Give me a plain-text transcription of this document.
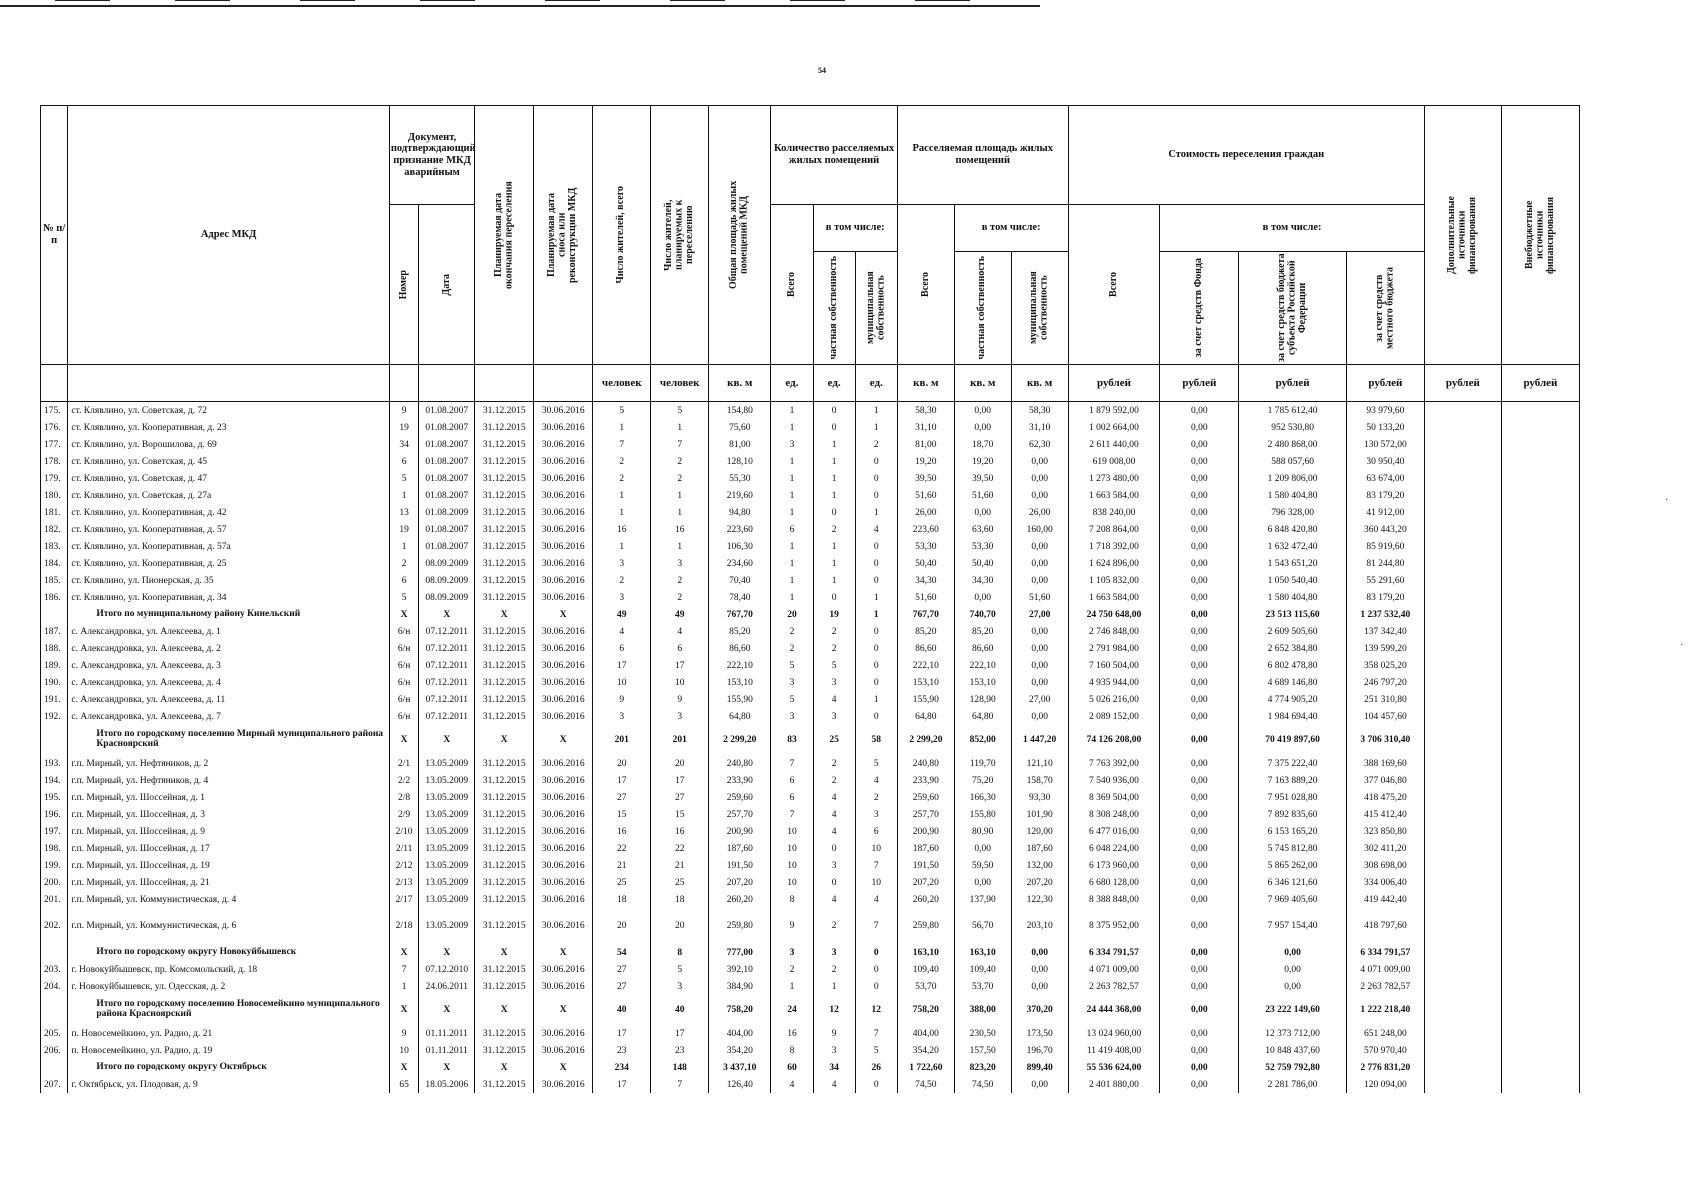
54
№ п/п	Адрес МКД	Документ, подтверждающий признание МКД аварийным		Планируемая дата окончания переселения	Планируемая дата сноса или реконструкции МКД	Число жителей, всего	Число жителей, планируемых к переселению	Общая площадь жилых помещений МКД	Количество расселяемых жилых помещений			Расселяемая площадь жилых помещений			Стоимость переселения граждан				Дополнительные источники финансирования	Внебюджетные источники финансирования

		Номер	Дата						Всего	в том числе:		Всего	в том числе:		Всего	в том числе:				

										частная собственность	муниципальная собственность		частная собственность	муниципальная собственность		за счет средств Фонда	за счет средств бюджета субъекта Российской Федерации	за счет средств местного бюджета		

						человек	человек	кв. м	ед.	ед.	ед.	кв. м	кв. м	кв. м	рублей	рублей	рублей	рублей	рублей	рублей
175.	ст. Клявлино, ул. Советская, д. 72	9	01.08.2007	31.12.2015	30.06.2016	5	5	154,80	1	0	1	58,30	0,00	58,30	1 879 592,00	0,00	1 785 612,40	93 979,60		
176.	ст. Клявлино, ул. Кооперативная, д. 23	19	01.08.2007	31.12.2015	30.06.2016	1	1	75,60	1	0	1	31,10	0,00	31,10	1 002 664,00	0,00	952 530,80	50 133,20		
177.	ст. Клявлино, ул. Ворошилова, д. 69	34	01.08.2007	31.12.2015	30.06.2016	7	7	81,00	3	1	2	81,00	18,70	62,30	2 611 440,00	0,00	2 480 868,00	130 572,00		
178.	ст. Клявлино, ул. Советская, д. 45	6	01.08.2007	31.12.2015	30.06.2016	2	2	128,10	1	1	0	19,20	19,20	0,00	619 008,00	0,00	588 057,60	30 950,40		
179.	ст. Клявлино, ул. Советская, д. 47	5	01.08.2007	31.12.2015	30.06.2016	2	2	55,30	1	1	0	39,50	39,50	0,00	1 273 480,00	0,00	1 209 806,00	63 674,00		
180.	ст. Клявлино, ул. Советская, д. 27а	1	01.08.2007	31.12.2015	30.06.2016	1	1	219,60	1	1	0	51,60	51,60	0,00	1 663 584,00	0,00	1 580 404,80	83 179,20		
181.	ст. Клявлино, ул. Кооперативная, д. 42	13	01.08.2009	31.12.2015	30.06.2016	1	1	94,80	1	0	1	26,00	0,00	26,00	838 240,00	0,00	796 328,00	41 912,00		
182.	ст. Клявлино, ул. Кооперативная, д. 57	19	01.08.2007	31.12.2015	30.06.2016	16	16	223,60	6	2	4	223,60	63,60	160,00	7 208 864,00	0,00	6 848 420,80	360 443,20		
183.	ст. Клявлино, ул. Кооперативная, д. 57а	1	01.08.2007	31.12.2015	30.06.2016	1	1	106,30	1	1	0	53,30	53,30	0,00	1 718 392,00	0,00	1 632 472,40	85 919,60		
184.	ст. Клявлино, ул. Кооперативная, д. 25	2	08.09.2009	31.12.2015	30.06.2016	3	3	234,60	1	1	0	50,40	50,40	0,00	1 624 896,00	0,00	1 543 651,20	81 244,80		
185.	ст. Клявлино, ул. Пионерская, д. 35	6	08.09.2009	31.12.2015	30.06.2016	2	2	70,40	1	1	0	34,30	34,30	0,00	1 105 832,00	0,00	1 050 540,40	55 291,60		
186.	ст. Клявлино, ул. Кооперативная, д. 34	5	08.09.2009	31.12.2015	30.06.2016	3	2	78,40	1	0	1	51,60	0,00	51,60	1 663 584,00	0,00	1 580 404,80	83 179,20		
	Итого по муниципальному району Кинельский	X	X	X	X	49	49	767,70	20	19	1	767,70	740,70	27,00	24 750 648,00	0,00	23 513 115,60	1 237 532,40		
187.	с. Александровка, ул. Алексеева, д. 1	6/н	07.12.2011	31.12.2015	30.06.2016	4	4	85,20	2	2	0	85,20	85,20	0,00	2 746 848,00	0,00	2 609 505,60	137 342,40		
188.	с. Александровка, ул. Алексеева, д. 2	6/н	07.12.2011	31.12.2015	30.06.2016	6	6	86,60	2	2	0	86,60	86,60	0,00	2 791 984,00	0,00	2 652 384,80	139 599,20		
189.	с. Александровка, ул. Алексеева, д. 3	6/н	07.12.2011	31.12.2015	30.06.2016	17	17	222,10	5	5	0	222,10	222,10	0,00	7 160 504,00	0,00	6 802 478,80	358 025,20		
190.	с. Александровка, ул. Алексеева, д. 4	6/н	07.12.2011	31.12.2015	30.06.2016	10	10	153,10	3	3	0	153,10	153,10	0,00	4 935 944,00	0,00	4 689 146,80	246 797,20		
191.	с. Александровка, ул. Алексеева, д. 11	6/н	07.12.2011	31.12.2015	30.06.2016	9	9	155,90	5	4	1	155,90	128,90	27,00	5 026 216,00	0,00	4 774 905,20	251 310,80		
192.	с. Александровка, ул. Алексеева, д. 7	6/н	07.12.2011	31.12.2015	30.06.2016	3	3	64,80	3	3	0	64,80	64,80	0,00	2 089 152,00	0,00	1 984 694,40	104 457,60		
	Итого по городскому поселению Мирный муниципального района Красноярский	X	X	X	X	201	201	2 299,20	83	25	58	2 299,20	852,00	1 447,20	74 126 208,00	0,00	70 419 897,60	3 706 310,40		
193.	г.п. Мирный, ул. Нефтяников, д. 2	2/1	13.05.2009	31.12.2015	30.06.2016	20	20	240,80	7	2	5	240,80	119,70	121,10	7 763 392,00	0,00	7 375 222,40	388 169,60		
194.	г.п. Мирный, ул. Нефтяников, д. 4	2/2	13.05.2009	31.12.2015	30.06.2016	17	17	233,90	6	2	4	233,90	75,20	158,70	7 540 936,00	0,00	7 163 889,20	377 046,80		
195.	г.п. Мирный, ул. Шоссейная, д. 1	2/8	13.05.2009	31.12.2015	30.06.2016	27	27	259,60	6	4	2	259,60	166,30	93,30	8 369 504,00	0,00	7 951 028,80	418 475,20		
196.	г.п. Мирный, ул. Шоссейная, д. 3	2/9	13.05.2009	31.12.2015	30.06.2016	15	15	257,70	7	4	3	257,70	155,80	101,90	8 308 248,00	0,00	7 892 835,60	415 412,40		
197.	г.п. Мирный, ул. Шоссейная, д. 9	2/10	13.05.2009	31.12.2015	30.06.2016	16	16	200,90	10	4	6	200,90	80,90	120,00	6 477 016,00	0,00	6 153 165,20	323 850,80		
198.	г.п. Мирный, ул. Шоссейная, д. 17	2/11	13.05.2009	31.12.2015	30.06.2016	22	22	187,60	10	0	10	187,60	0,00	187,60	6 048 224,00	0,00	5 745 812,80	302 411,20		
199.	г.п. Мирный, ул. Шоссейная, д. 19	2/12	13.05.2009	31.12.2015	30.06.2016	21	21	191,50	10	3	7	191,50	59,50	132,00	6 173 960,00	0,00	5 865 262,00	308 698,00		
200.	г.п. Мирный, ул. Шоссейная, д. 21	2/13	13.05.2009	31.12.2015	30.06.2016	25	25	207,20	10	0	10	207,20	0,00	207,20	6 680 128,00	0,00	6 346 121,60	334 006,40		
201.	г.п. Мирный, ул. Коммунистическая, д. 4	2/17	13.05.2009	31.12.2015	30.06.2016	18	18	260,20	8	4	4	260,20	137,90	122,30	8 388 848,00	0,00	7 969 405,60	419 442,40		
202.	г.п. Мирный, ул. Коммунистическая, д. 6	2/18	13.05.2009	31.12.2015	30.06.2016	20	20	259,80	9	2	7	259,80	56,70	203,10	8 375 952,00	0,00	7 957 154,40	418 797,60		
	Итого по городскому округу Новокуйбышевск	X	X	X	X	54	8	777,00	3	3	0	163,10	163,10	0,00	6 334 791,57	0,00	0,00	6 334 791,57		
203.	г. Новокуйбышевск, пр. Комсомольский, д. 18	7	07.12.2010	31.12.2015	30.06.2016	27	5	392,10	2	2	0	109,40	109,40	0,00	4 071 009,00	0,00	0,00	4 071 009,00		
204.	г. Новокуйбышевск, ул. Одесская, д. 2	1	24.06.2011	31.12.2015	30.06.2016	27	3	384,90	1	1	0	53,70	53,70	0,00	2 263 782,57	0,00	0,00	2 263 782,57		
	Итого по городскому поселению Новосемейкино муниципального района Красноярский	X	X	X	X	40	40	758,20	24	12	12	758,20	388,00	370,20	24 444 368,00	0,00	23 222 149,60	1 222 218,40		
205.	п. Новосемейкино, ул. Радио, д. 21	9	01.11.2011	31.12.2015	30.06.2016	17	17	404,00	16	9	7	404,00	230,50	173,50	13 024 960,00	0,00	12 373 712,00	651 248,00		
206.	п. Новосемейкино, ул. Радио, д. 19	10	01.11.2011	31.12.2015	30.06.2016	23	23	354,20	8	3	5	354,20	157,50	196,70	11 419 408,00	0,00	10 848 437,60	570 970,40		
	Итого по городскому округу Октябрьск	X	X	X	X	234	148	3 437,10	60	34	26	1 722,60	823,20	899,40	55 536 624,00	0,00	52 759 792,80	2 776 831,20		
207.	г. Октябрьск, ул. Плодовая, д. 9	65	18.05.2006	31.12.2015	30.06.2016	17	7	126,40	4	4	0	74,50	74,50	0,00	2 401 880,00	0,00	2 281 786,00	120 094,00		
·
·
